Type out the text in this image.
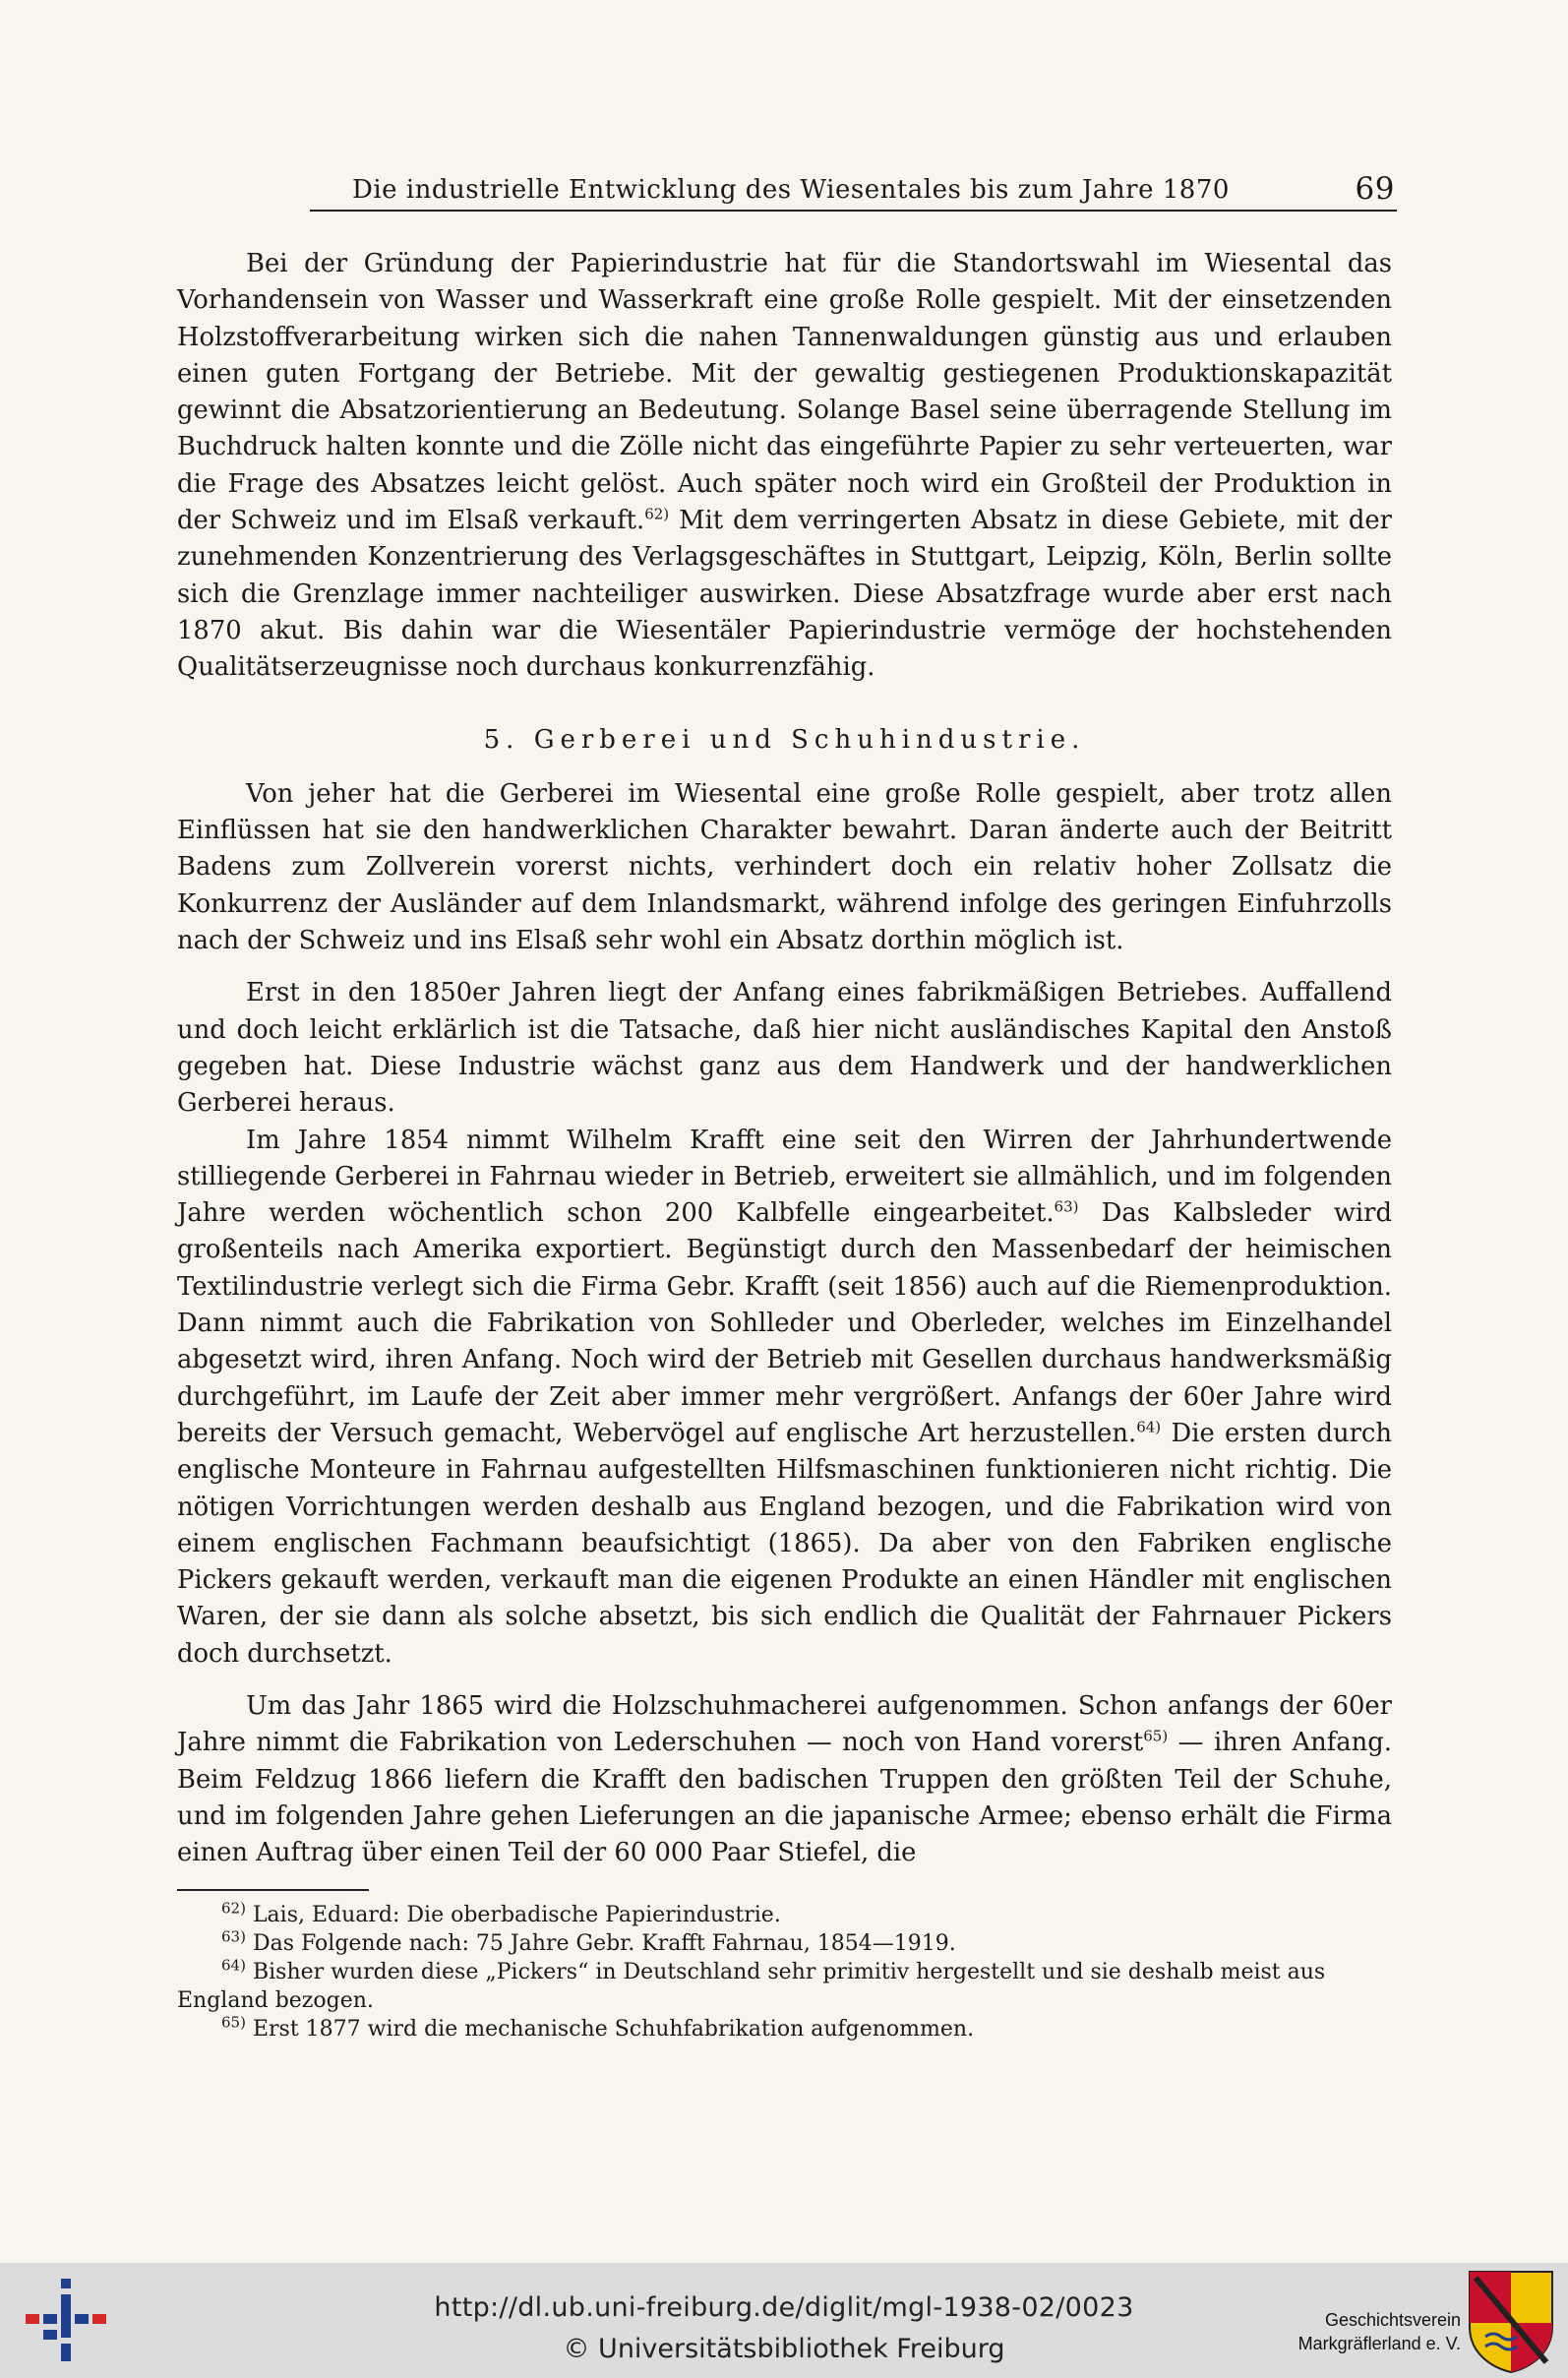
Die industrielle Entwicklung des Wiesentales bis zum Jahre 1870	69

Bei der Gründung der Papierindustrie hat für die Standortswahl im Wiesental das Vorhandensein von Wasser und Wasserkraft eine große Rolle gespielt. Mit der einsetzenden Holzstoffverarbeitung wirken sich die nahen Tannenwaldungen günstig aus und erlauben einen guten Fortgang der Betriebe. Mit der gewaltig gestiegenen Produktionskapazität gewinnt die Absatzorientierung an Bedeutung. Solange Basel seine überragende Stellung im Buchdruck halten konnte und die Zölle nicht das eingeführte Papier zu sehr verteuerten, war die Frage des Absatzes leicht gelöst. Auch später noch wird ein Großteil der Produktion in der Schweiz und im Elsaß verkauft.$^{62)}$ Mit dem verringerten Absatz in diese Gebiete, mit der zunehmenden Konzentrierung des Verlagsgeschäftes in Stuttgart, Leipzig, Köln, Berlin sollte sich die Grenzlage immer nachteiliger auswirken. Diese Absatzfrage wurde aber erst nach 1870 akut. Bis dahin war die Wiesentäler Papierindustrie vermöge der hochstehenden Qualitätserzeugnisse noch durchaus konkurrenzfähig.

5. Gerberei und Schuhindustrie.

Von jeher hat die Gerberei im Wiesental eine große Rolle gespielt, aber trotz allen Einflüssen hat sie den handwerklichen Charakter bewahrt. Daran änderte auch der Beitritt Badens zum Zollverein vorerst nichts, verhindert doch ein relativ hoher Zollsatz die Konkurrenz der Ausländer auf dem Inlandsmarkt, während infolge des geringen Einfuhrzolls nach der Schweiz und ins Elsaß sehr wohl ein Absatz dorthin möglich ist.

Erst in den 1850er Jahren liegt der Anfang eines fabrikmäßigen Betriebes. Auffallend und doch leicht erklärlich ist die Tatsache, daß hier nicht ausländisches Kapital den Anstoß gegeben hat. Diese Industrie wächst ganz aus dem Handwerk und der handwerklichen Gerberei heraus.

Im Jahre 1854 nimmt Wilhelm Krafft eine seit den Wirren der Jahrhundertwende stilliegende Gerberei in Fahrnau wieder in Betrieb, erweitert sie allmählich, und im folgenden Jahre werden wöchentlich schon 200 Kalbfelle eingearbeitet.$^{63)}$ Das Kalbsleder wird großenteils nach Amerika exportiert. Begünstigt durch den Massenbedarf der heimischen Textilindustrie verlegt sich die Firma Gebr. Krafft (seit 1856) auch auf die Riemenproduktion. Dann nimmt auch die Fabrikation von Sohlleder und Oberleder, welches im Einzelhandel abgesetzt wird, ihren Anfang. Noch wird der Betrieb mit Gesellen durchaus handwerksmäßig durchgeführt, im Laufe der Zeit aber immer mehr vergrößert. Anfangs der 60er Jahre wird bereits der Versuch gemacht, Webervögel auf englische Art herzustellen.$^{64)}$ Die ersten durch englische Monteure in Fahrnau aufgestellten Hilfsmaschinen funktionieren nicht richtig. Die nötigen Vorrichtungen werden deshalb aus England bezogen, und die Fabrikation wird von einem englischen Fachmann beaufsichtigt (1865). Da aber von den Fabriken englische Pickers gekauft werden, verkauft man die eigenen Produkte an einen Händler mit englischen Waren, der sie dann als solche absetzt, bis sich endlich die Qualität der Fahrnauer Pickers doch durchsetzt.

Um das Jahr 1865 wird die Holzschuhmacherei aufgenommen. Schon anfangs der 60er Jahre nimmt die Fabrikation von Lederschuhen — noch von Hand vorerst$^{65)}$ — ihren Anfang. Beim Feldzug 1866 liefern die Krafft den badischen Truppen den größten Teil der Schuhe, und im folgenden Jahre gehen Lieferungen an die japanische Armee; ebenso erhält die Firma einen Auftrag über einen Teil der 60 000 Paar Stiefel, die

$^{62)}$ Lais, Eduard: Die oberbadische Papierindustrie.

$^{63)}$ Das Folgende nach: 75 Jahre Gebr. Krafft Fahrnau, 1854—1919.

$^{64)}$ Bisher wurden diese „Pickers“ in Deutschland sehr primitiv hergestellt und sie deshalb meist aus England bezogen.

$^{65)}$ Erst 1877 wird die mechanische Schuhfabrikation aufgenommen.

http://dl.ub.uni-freiburg.de/diglit/mgl-1938-02/0023
© Universitätsbibliothek Freiburg
Geschichtsverein
Markgräflerland e. V.
